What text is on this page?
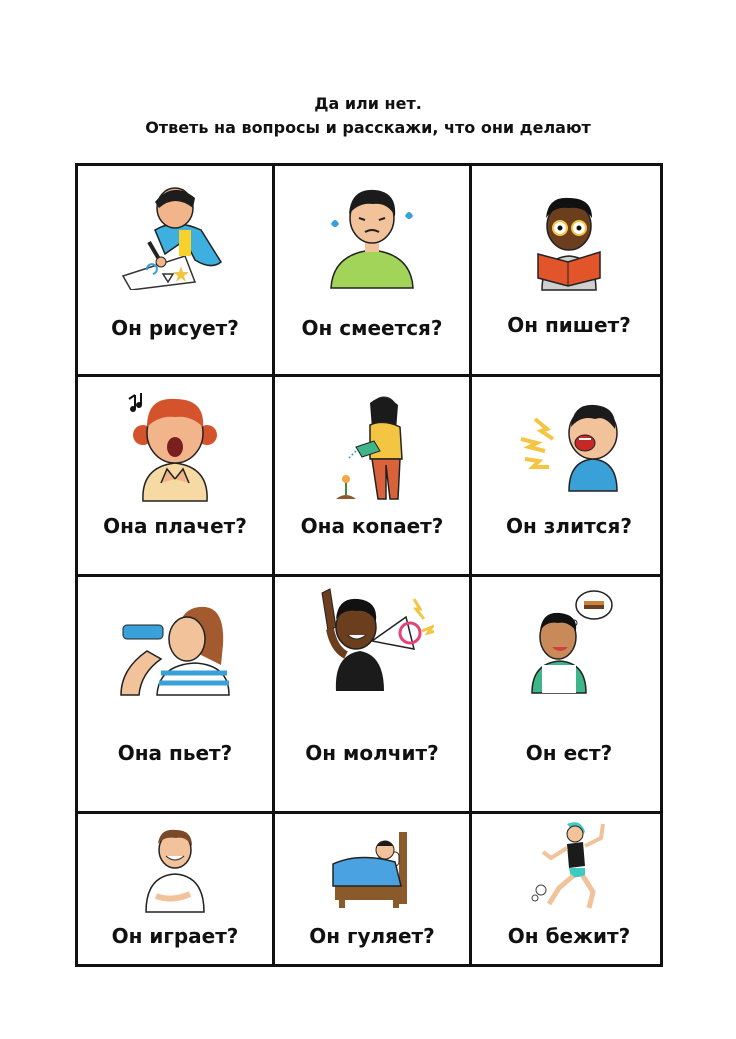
Да или нет.
Ответь на вопросы и расскажи, что они делают
Он рисует?	Он смеется?	Он пишет?
Она плачет?	Она копает?	Он злится?
Она пьет?	Он молчит?	Он ест?
Он играет?	Он гуляет?	Он бежит?
